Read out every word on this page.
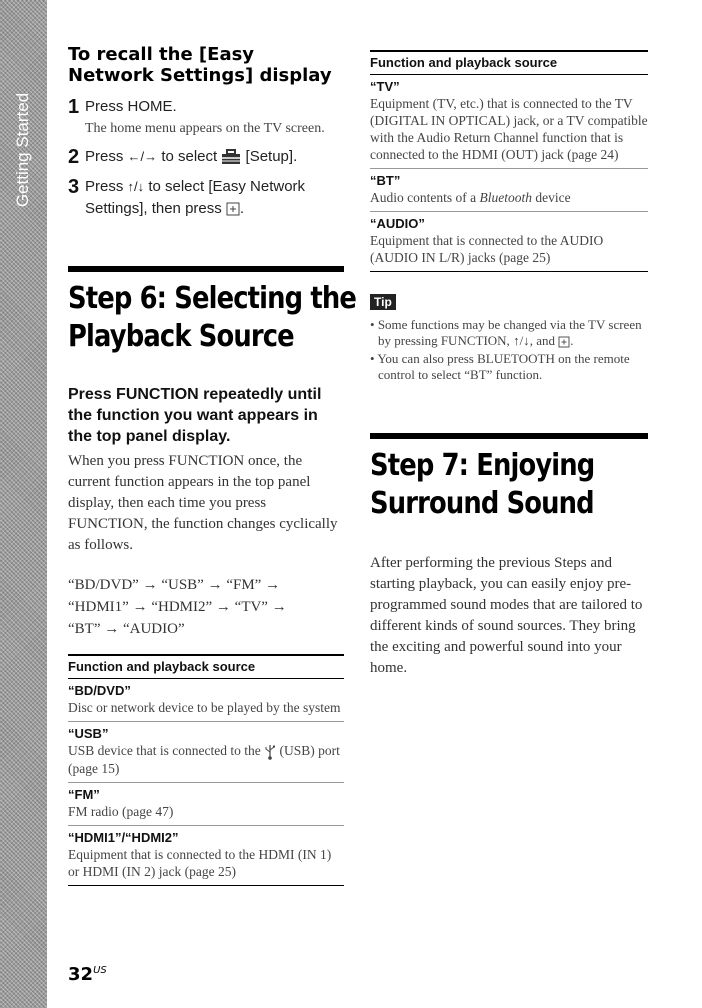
Getting Started
To recall the [Easy Network Settings] display
1 Press HOME.
The home menu appears on the TV screen.
2 Press ←/→ to select [Setup].
3 Press ↑/↓ to select [Easy Network Settings], then press .
Step 6: Selecting the
Playback Source
Press FUNCTION repeatedly until the function you want appears in the top panel display.
When you press FUNCTION once, the current function appears in the top panel display, then each time you press FUNCTION, the function changes cyclically as follows.
“BD/DVD” → “USB” → “FM” →
“HDMI1” → “HDMI2” → “TV” →
“BT” → “AUDIO”
Function and playback source
“BD/DVD”
Disc or network device to be played by the system
“USB”
USB device that is connected to the (USB) port (page 15)
“FM”
FM radio (page 47)
“HDMI1”/“HDMI2”
Equipment that is connected to the HDMI (IN 1) or HDMI (IN 2) jack (page 25)
Function and playback source
“TV”
Equipment (TV, etc.) that is connected to the TV (DIGITAL IN OPTICAL) jack, or a TV compatible with the Audio Return Channel function that is connected to the HDMI (OUT) jack (page 24)
“BT”
Audio contents of a Bluetooth device
“AUDIO”
Equipment that is connected to the AUDIO (AUDIO IN L/R) jacks (page 25)
Tip
• Some functions may be changed via the TV screen by pressing FUNCTION, ↑/↓, and .
• You can also press BLUETOOTH on the remote control to select “BT” function.
Step 7: Enjoying
Surround Sound
After performing the previous Steps and starting playback, you can easily enjoy pre-programmed sound modes that are tailored to different kinds of sound sources. They bring the exciting and powerful sound into your home.
$32^{US}$
